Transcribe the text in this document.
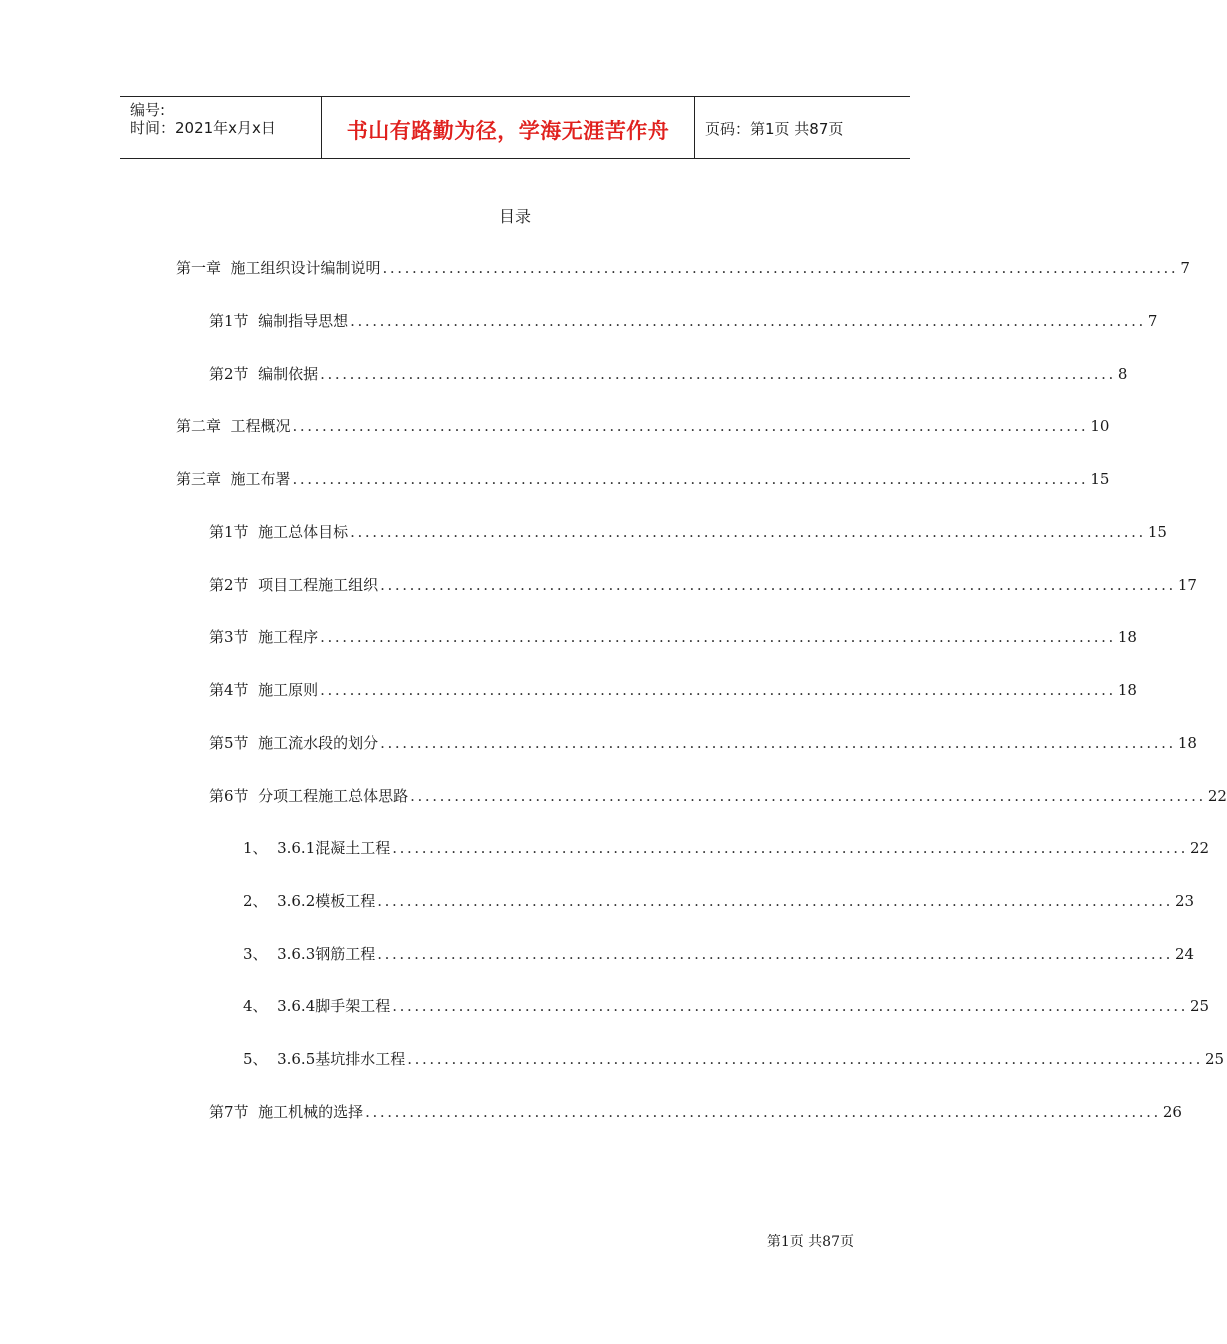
编号:
时间：2021年x月x日	书山有路勤为径，学海无涯苦作舟	页码：第1页 共87页
目录
第一章  施工组织设计编制说明 ............................................................................................................ 7
第1节  编制指导思想 ............................................................................................................ 7
第2节  编制依据 ............................................................................................................ 8
第二章  工程概况 ............................................................................................................ 10
第三章  施工布署 ............................................................................................................ 15
第1节  施工总体目标 ............................................................................................................ 15
第2节  项目工程施工组织 ............................................................................................................ 17
第3节  施工程序 ............................................................................................................ 18
第4节  施工原则 ............................................................................................................ 18
第5节  施工流水段的划分 ............................................................................................................ 18
第6节  分项工程施工总体思路 ............................................................................................................ 22
1、  3.6.1混凝土工程 ............................................................................................................ 22
2、  3.6.2模板工程 ............................................................................................................ 23
3、  3.6.3钢筋工程 ............................................................................................................ 24
4、  3.6.4脚手架工程 ............................................................................................................ 25
5、  3.6.5基坑排水工程 ............................................................................................................ 25
第7节  施工机械的选择 ............................................................................................................ 26
第1页 共87页
